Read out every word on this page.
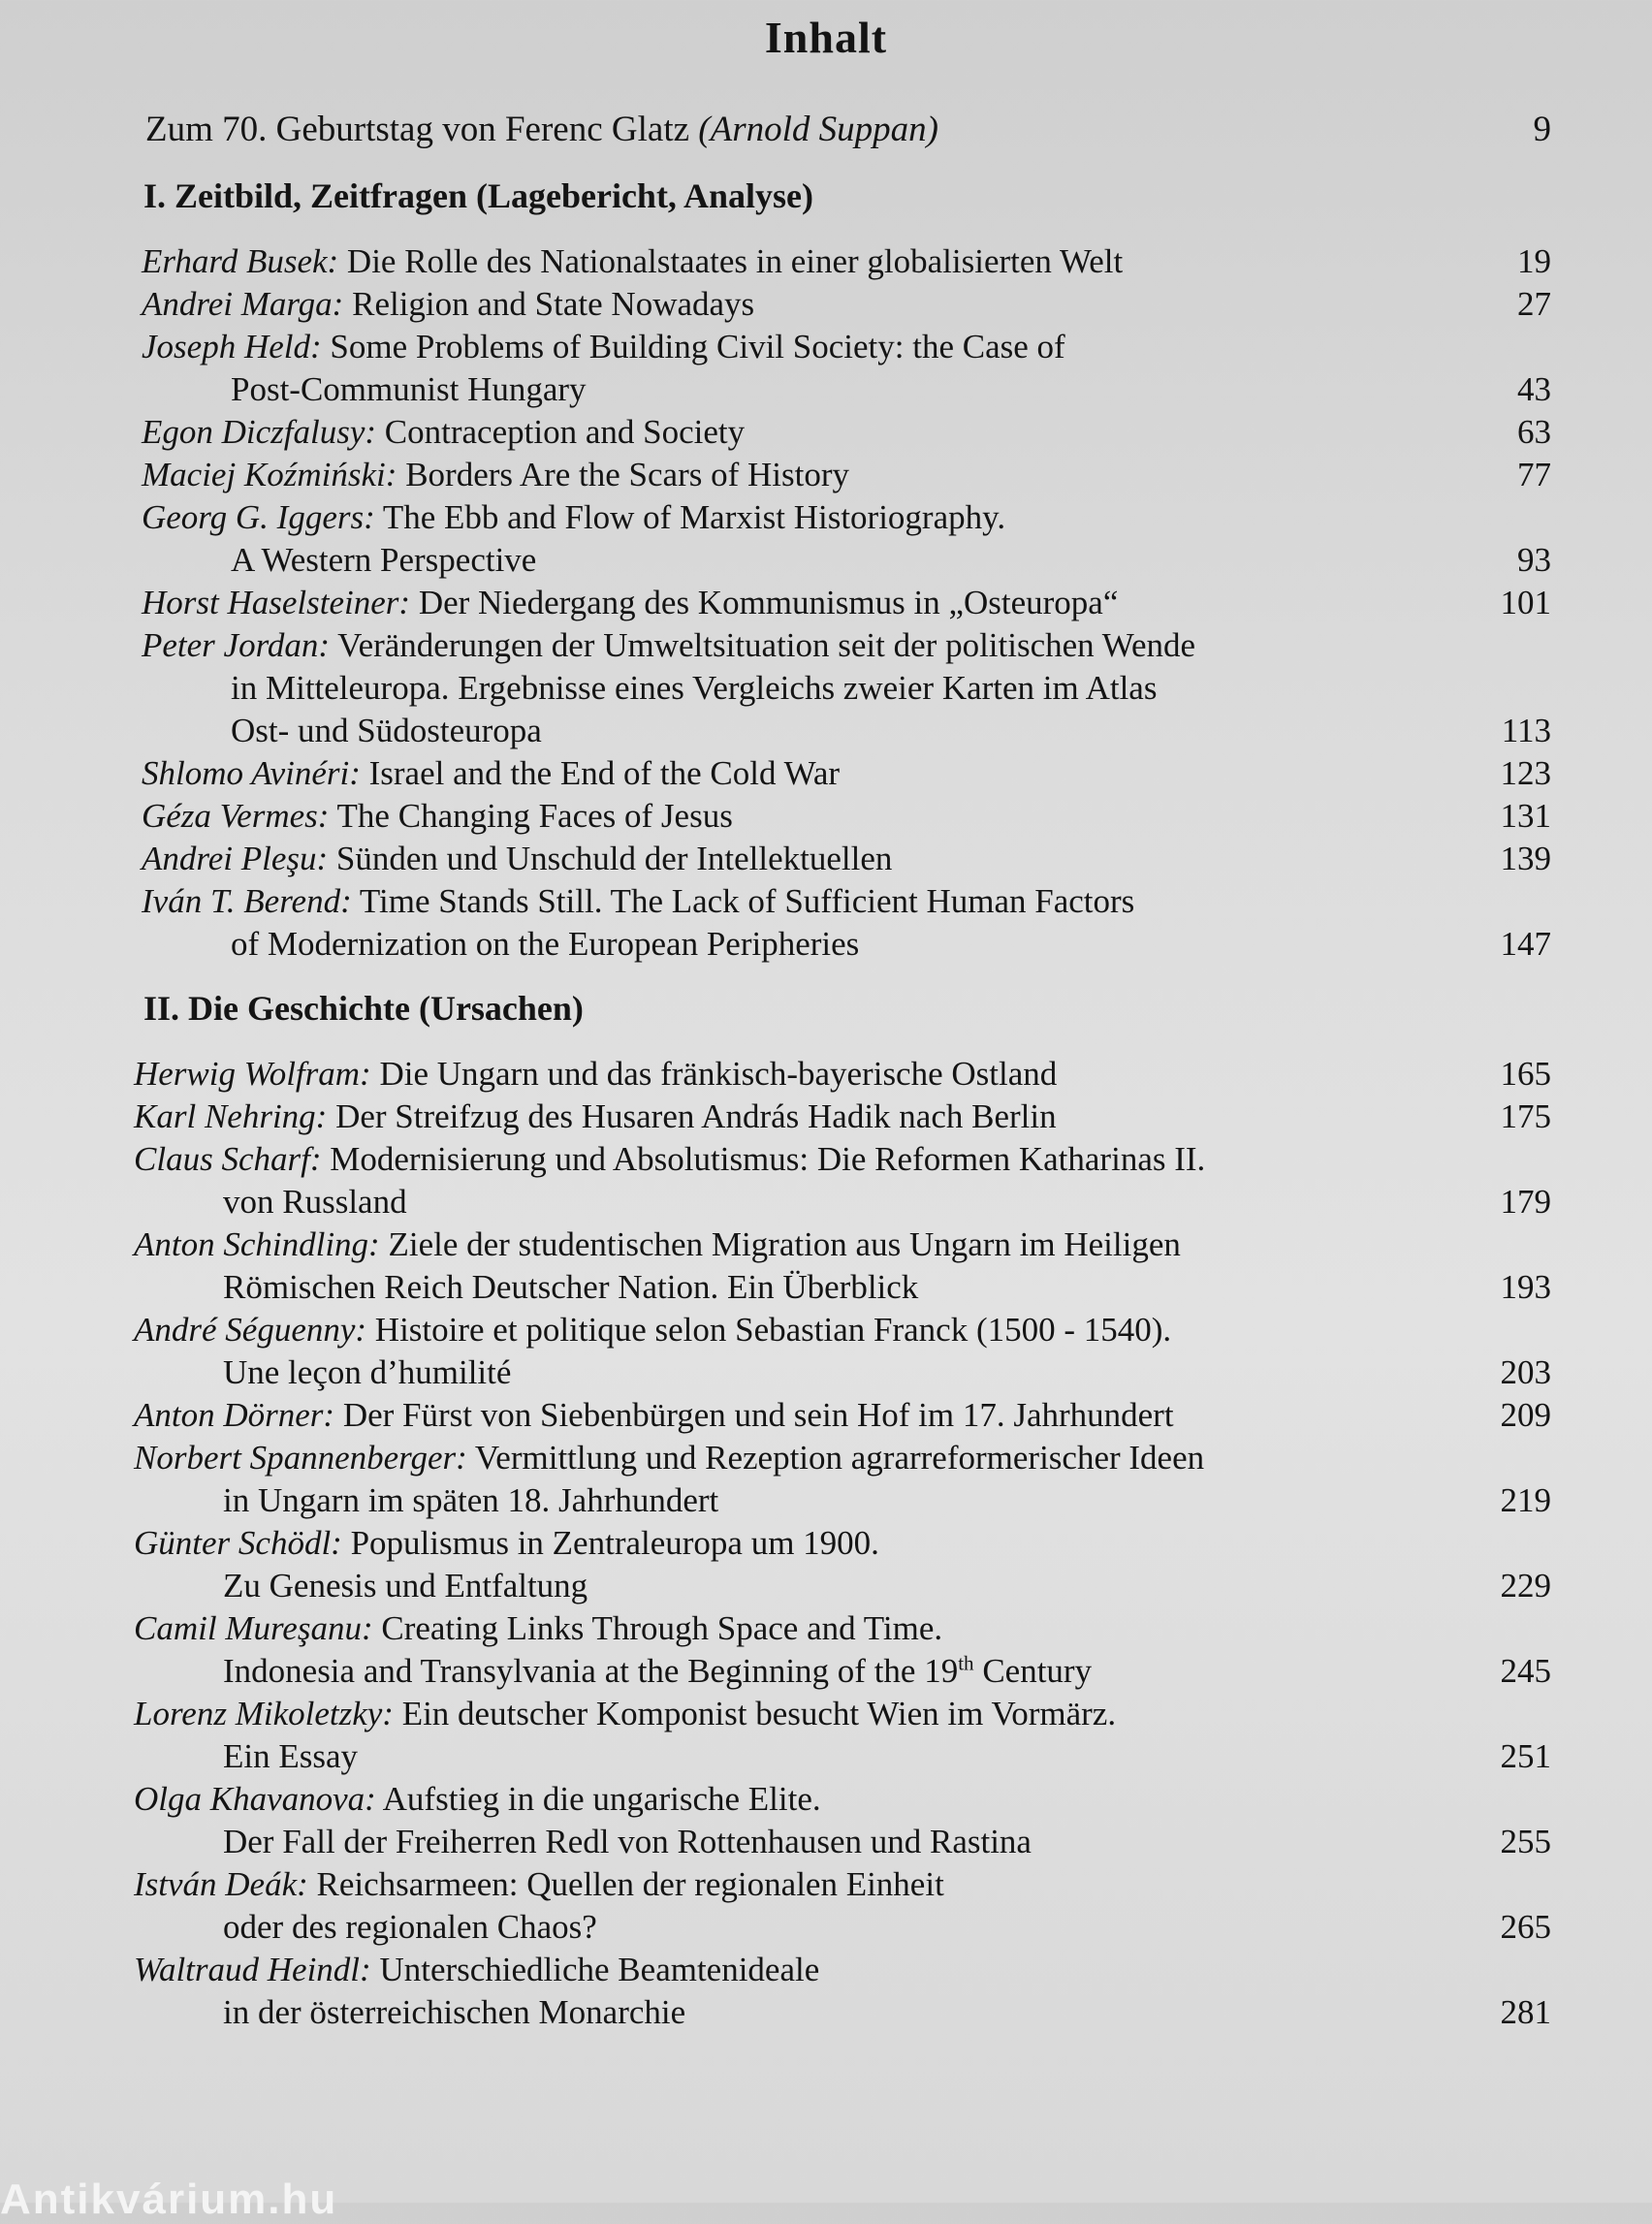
Inhalt
Zum 70. Geburtstag von Ferenc Glatz (Arnold Suppan)	9
I. Zeitbild, Zeitfragen (Lagebericht, Analyse)
Erhard Busek: Die Rolle des Nationalstaates in einer globalisierten Welt	19
Andrei Marga: Religion and State Nowadays	27
Joseph Held: Some Problems of Building Civil Society: the Case of
Post-Communist Hungary	43
Egon Diczfalusy: Contraception and Society	63
Maciej Koźmiński: Borders Are the Scars of History	77
Georg G. Iggers: The Ebb and Flow of Marxist Historiography.
A Western Perspective	93
Horst Haselsteiner: Der Niedergang des Kommunismus in „Osteuropa“	101
Peter Jordan: Veränderungen der Umweltsituation seit der politischen Wende
in Mitteleuropa. Ergebnisse eines Vergleichs zweier Karten im Atlas
Ost- und Südosteuropa	113
Shlomo Avinéri: Israel and the End of the Cold War	123
Géza Vermes: The Changing Faces of Jesus	131
Andrei Pleşu: Sünden und Unschuld der Intellektuellen	139
Iván T. Berend: Time Stands Still. The Lack of Sufficient Human Factors
of Modernization on the European Peripheries	147
II. Die Geschichte (Ursachen)
Herwig Wolfram: Die Ungarn und das fränkisch-bayerische Ostland	165
Karl Nehring: Der Streifzug des Husaren András Hadik nach Berlin	175
Claus Scharf: Modernisierung und Absolutismus: Die Reformen Katharinas II.
von Russland	179
Anton Schindling: Ziele der studentischen Migration aus Ungarn im Heiligen
Römischen Reich Deutscher Nation. Ein Überblick	193
André Séguenny: Histoire et politique selon Sebastian Franck (1500 - 1540).
Une leçon d’humilité	203
Anton Dörner: Der Fürst von Siebenbürgen und sein Hof im 17. Jahrhundert	209
Norbert Spannenberger: Vermittlung und Rezeption agrarreformerischer Ideen
in Ungarn im späten 18. Jahrhundert	219
Günter Schödl: Populismus in Zentraleuropa um 1900.
Zu Genesis und Entfaltung	229
Camil Mureşanu: Creating Links Through Space and Time.
Indonesia and Transylvania at the Beginning of the 19th Century	245
Lorenz Mikoletzky: Ein deutscher Komponist besucht Wien im Vormärz.
Ein Essay	251
Olga Khavanova: Aufstieg in die ungarische Elite.
Der Fall der Freiherren Redl von Rottenhausen und Rastina	255
István Deák: Reichsarmeen: Quellen der regionalen Einheit
oder des regionalen Chaos?	265
Waltraud Heindl: Unterschiedliche Beamtenideale
in der österreichischen Monarchie	281
Antikvárium.hu
